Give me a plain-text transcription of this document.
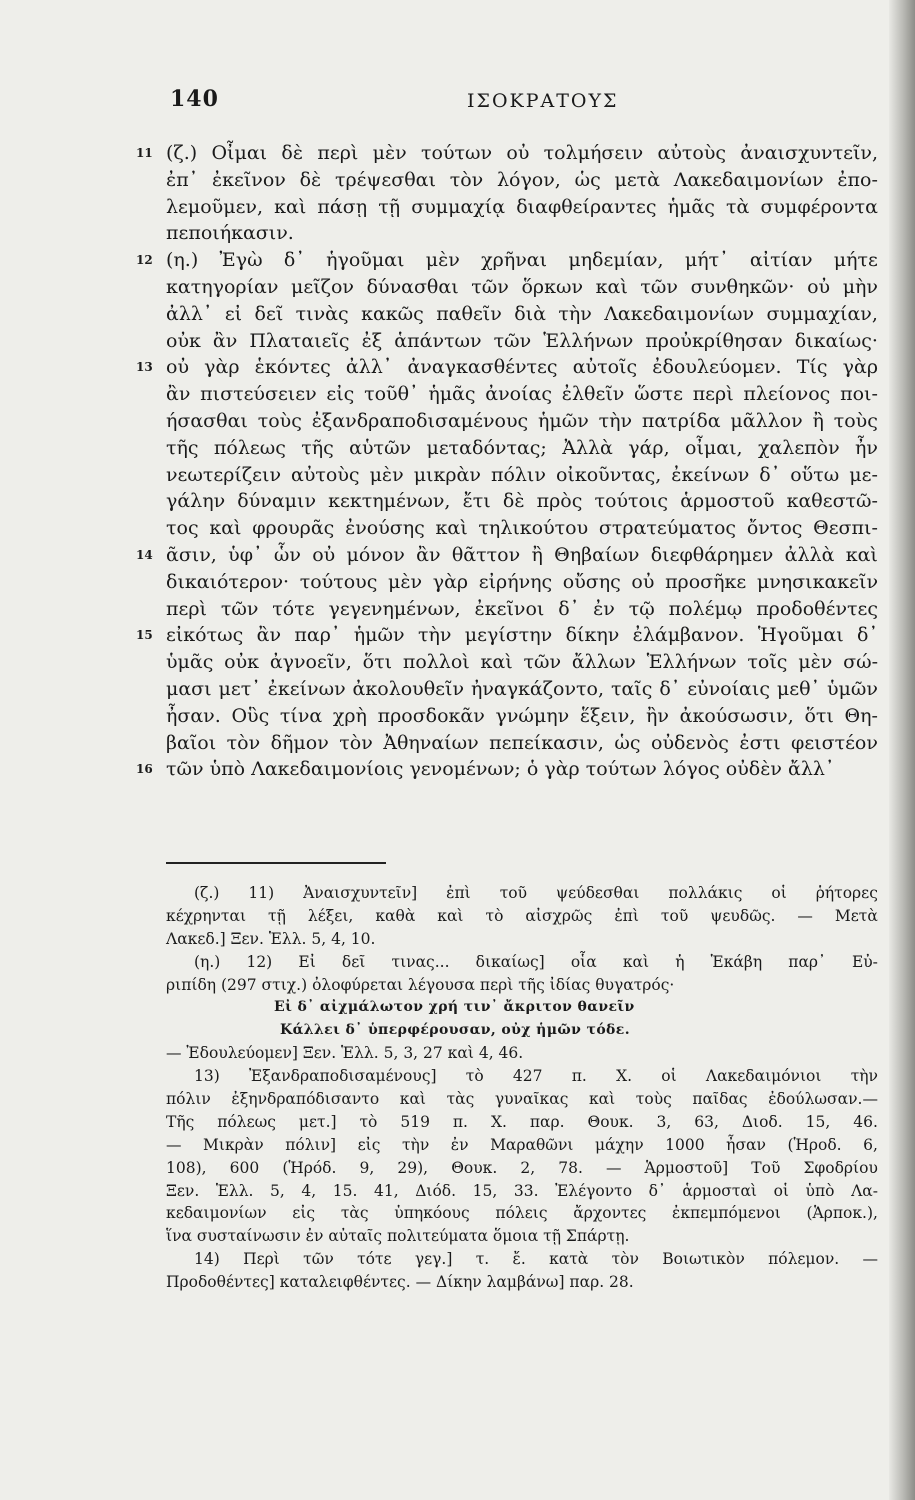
140	ΙΣΟΚΡΑΤΟΥΣ
11 (ζ.) Οἶμαι δὲ περὶ μὲν τούτων οὐ τολμήσειν αὐτοὺς ἀναισχυντεῖν,
ἐπ᾽ ἐκεῖνον δὲ τρέψεσθαι τὸν λόγον, ὡς μετὰ Λακεδαιμονίων ἐπο-
λεμοῦμεν, καὶ πάσῃ τῇ συμμαχίᾳ διαφθείραντες ἡμᾶς τὰ συμφέροντα
πεποιήκασιν.
12 (η.) Ἐγὼ δ᾽ ἡγοῦμαι μὲν χρῆναι μηδεμίαν, μήτ᾽ αἰτίαν μήτε
κατηγορίαν μεῖζον δύνασθαι τῶν ὅρκων καὶ τῶν συνθηκῶν· οὐ μὴν
ἀλλ᾽ εἰ δεῖ τινὰς κακῶς παθεῖν διὰ τὴν Λακεδαιμονίων συμμαχίαν,
οὐκ ἂν Πλαταιεῖς ἐξ ἁπάντων τῶν Ἑλλήνων προὐκρίθησαν δικαίως·
13 οὐ γὰρ ἑκόντες ἀλλ᾽ ἀναγκασθέντες αὐτοῖς ἐδουλεύομεν. Τίς γὰρ
ἂν πιστεύσειεν εἰς τοῦθ᾽ ἡμᾶς ἀνοίας ἐλθεῖν ὥστε περὶ πλείονος ποι-
ήσασθαι τοὺς ἐξανδραποδισαμένους ἡμῶν τὴν πατρίδα μᾶλλον ἢ τοὺς
τῆς πόλεως τῆς αὑτῶν μεταδόντας; Ἀλλὰ γάρ, οἶμαι, χαλεπὸν ἦν
νεωτερίζειν αὐτοὺς μὲν μικρὰν πόλιν οἰκοῦντας, ἐκείνων δ᾽ οὕτω με-
γάλην δύναμιν κεκτημένων, ἔτι δὲ πρὸς τούτοις ἁρμοστοῦ καθεστῶ-
τος καὶ φρουρᾶς ἐνούσης καὶ τηλικούτου στρατεύματος ὄντος Θεσπι-
14 ᾶσιν, ὑφ᾽ ὧν οὐ μόνον ἂν θᾶττον ἢ Θηβαίων διεφθάρημεν ἀλλὰ καὶ
δικαιότερον· τούτους μὲν γὰρ εἰρήνης οὔσης οὐ προσῆκε μνησικακεῖν
περὶ τῶν τότε γεγενημένων, ἐκεῖνοι δ᾽ ἐν τῷ πολέμῳ προδοθέντες
15 εἰκότως ἂν παρ᾽ ἡμῶν τὴν μεγίστην δίκην ἐλάμβανον. Ἡγοῦμαι δ᾽
ὑμᾶς οὐκ ἀγνοεῖν, ὅτι πολλοὶ καὶ τῶν ἄλλων Ἑλλήνων τοῖς μὲν σώ-
μασι μετ᾽ ἐκείνων ἀκολουθεῖν ἠναγκάζοντο, ταῖς δ᾽ εὐνοίαις μεθ᾽ ὑμῶν
ἦσαν. Οὓς τίνα χρὴ προσδοκᾶν γνώμην ἕξειν, ἢν ἀκούσωσιν, ὅτι Θη-
βαῖοι τὸν δῆμον τὸν Ἀθηναίων πεπείκασιν, ὡς οὐδενὸς ἐστι φειστέον
16 τῶν ὑπὸ Λακεδαιμονίοις γενομένων; ὁ γὰρ τούτων λόγος οὐδὲν ἄλλ᾽
(ζ.) 11) Ἀναισχυντεῖν] ἐπὶ τοῦ ψεύδεσθαι πολλάκις οἱ ῥήτορες
κέχρηνται τῇ λέξει, καθὰ καὶ τὸ αἰσχρῶς ἐπὶ τοῦ ψευδῶς. — Μετὰ
Λακεδ.] Ξεν. Ἑλλ. 5, 4, 10.
(η.) 12) Εἰ δεῖ τινας... δικαίως] οἷα καὶ ἡ Ἑκάβη παρ᾽ Εὐ-
ριπίδη (297 στιχ.) ὀλοφύρεται λέγουσα περὶ τῆς ἰδίας θυγατρός·
Εἰ δ᾽ αἰχμάλωτον χρή τιν᾽ ἄκριτον θανεῖν
Κάλλει δ᾽ ὑπερφέρουσαν, οὐχ ἡμῶν τόδε.
— Ἐδουλεύομεν] Ξεν. Ἑλλ. 5, 3, 27 καὶ 4, 46.
13) Ἐξανδραποδισαμένους] τὸ 427 π. Χ. οἱ Λακεδαιμόνιοι τὴν
πόλιν ἐξηνδραπόδισαντο καὶ τὰς γυναῖκας καὶ τοὺς παῖδας ἐδούλωσαν.—
Τῆς πόλεως μετ.] τὸ 519 π. Χ. παρ. Θουκ. 3, 63, Διοδ. 15, 46.
— Μικρὰν πόλιν] εἰς τὴν ἐν Μαραθῶνι μάχην 1000 ἦσαν (Ἡροδ. 6,
108), 600 (Ἡρόδ. 9, 29), Θουκ. 2, 78. — Ἁρμοστοῦ] Τοῦ Σφοδρίου
Ξεν. Ἑλλ. 5, 4, 15. 41, Διόδ. 15, 33. Ἐλέγοντο δ᾽ ἁρμοσταὶ οἱ ὑπὸ Λα-
κεδαιμονίων εἰς τὰς ὑπηκόους πόλεις ἄρχοντες ἐκπεμπόμενοι (Ἁρποκ.),
ἵνα συσταίνωσιν ἐν αὐταῖς πολιτεύματα ὅμοια τῇ Σπάρτῃ.
14) Περὶ τῶν τότε γεγ.] τ. ἔ. κατὰ τὸν Βοιωτικὸν πόλεμον. —
Προδοθέντες] καταλειφθέντες. — Δίκην λαμβάνω] παρ. 28.
